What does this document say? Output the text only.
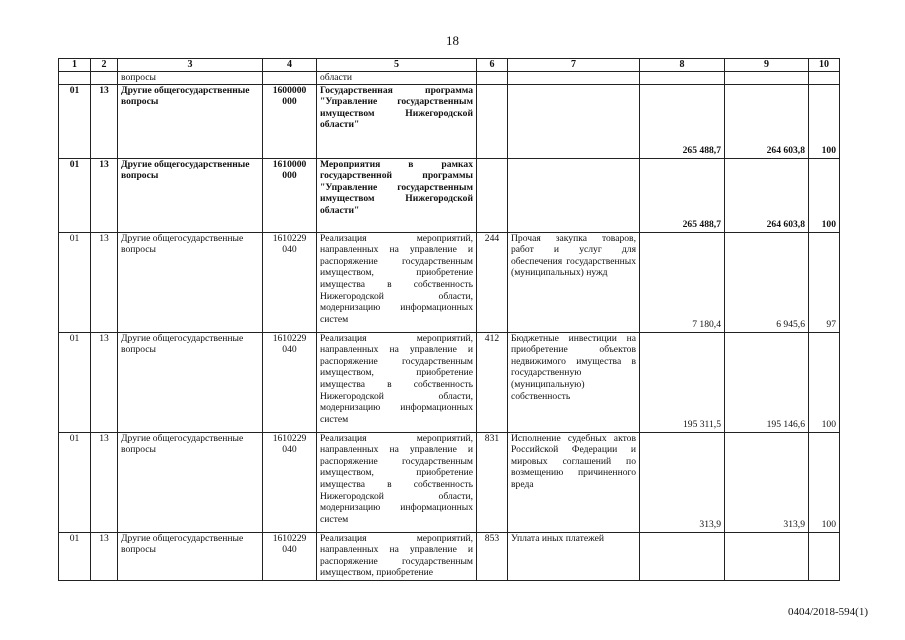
18
1	2	3	4	5	6	7	8	9	10
		вопросы		области					
01	13	Другие общегосударственные вопросы	1600000 000	Государственная программа "Управление государственным имуществом Нижегородской области"			265 488,7	264 603,8	100
01	13	Другие общегосударственные вопросы	1610000 000	Мероприятия в рамках государственной программы "Управление государственным имуществом Нижегородской области"			265 488,7	264 603,8	100
01	13	Другие общегосударственные вопросы	1610229 040	Реализация мероприятий, направленных на управление и распоряжение государственным имуществом, приобретение имущества в собственность Нижегородской области, модернизацию информационных систем	244	Прочая закупка товаров, работ и услуг для обеспечения государственных (муниципальных) нужд	7 180,4	6 945,6	97
01	13	Другие общегосударственные вопросы	1610229 040	Реализация мероприятий, направленных на управление и распоряжение государственным имуществом, приобретение имущества в собственность Нижегородской области, модернизацию информационных систем	412	Бюджетные инвестиции на приобретение объектов недвижимого имущества в государственную (муниципальную) собственность	195 311,5	195 146,6	100
01	13	Другие общегосударственные вопросы	1610229 040	Реализация мероприятий, направленных на управление и распоряжение государственным имуществом, приобретение имущества в собственность Нижегородской области, модернизацию информационных систем	831	Исполнение судебных актов Российской Федерации и мировых соглашений по возмещению причиненного вреда	313,9	313,9	100
01	13	Другие общегосударственные вопросы	1610229 040	Реализация мероприятий, направленных на управление и распоряжение государственным имуществом, приобретение	853	Уплата иных платежей			
0404/2018-594(1)
